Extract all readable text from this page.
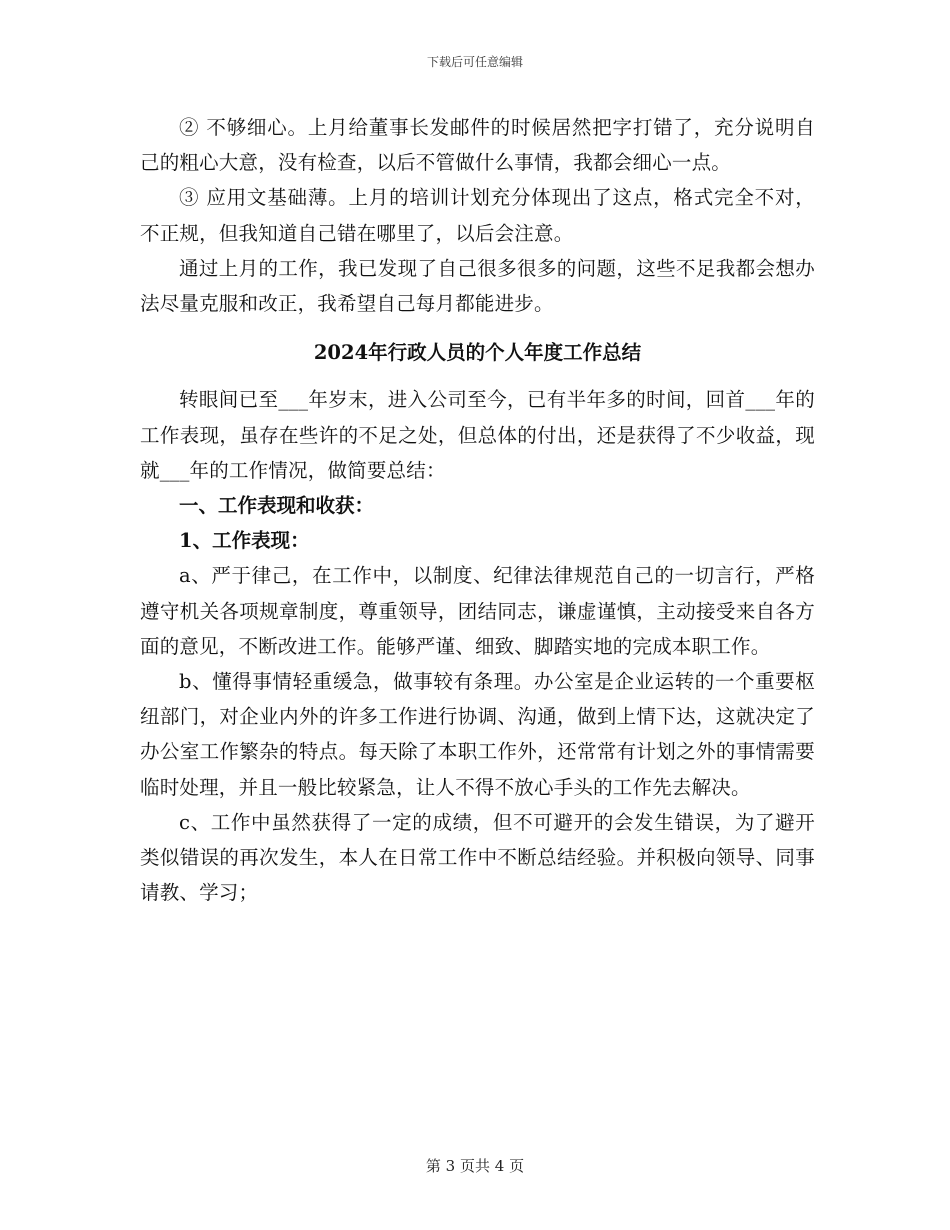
下载后可任意编辑

② 不够细心。上月给董事长发邮件的时候居然把字打错了，充分说明自己的粗心大意，没有检查，以后不管做什么事情，我都会细心一点。

③ 应用文基础薄。上月的培训计划充分体现出了这点，格式完全不对，不正规，但我知道自己错在哪里了，以后会注意。

通过上月的工作，我已发现了自己很多很多的问题，这些不足我都会想办法尽量克服和改正，我希望自己每月都能进步。

2024年行政人员的个人年度工作总结

转眼间已至___年岁末，进入公司至今，已有半年多的时间，回首___年的工作表现，虽存在些许的不足之处，但总体的付出，还是获得了不少收益，现就___年的工作情况，做简要总结：

一、工作表现和收获：

1、工作表现：

a、严于律己，在工作中，以制度、纪律法律规范自己的一切言行，严格遵守机关各项规章制度，尊重领导，团结同志，谦虚谨慎，主动接受来自各方面的意见，不断改进工作。能够严谨、细致、脚踏实地的完成本职工作。

b、懂得事情轻重缓急，做事较有条理。办公室是企业运转的一个重要枢纽部门，对企业内外的许多工作进行协调、沟通，做到上情下达，这就决定了办公室工作繁杂的特点。每天除了本职工作外，还常常有计划之外的事情需要临时处理，并且一般比较紧急，让人不得不放心手头的工作先去解决。

c、工作中虽然获得了一定的成绩，但不可避开的会发生错误，为了避开类似错误的再次发生，本人在日常工作中不断总结经验。并积极向领导、同事请教、学习；

第 3 页共 4 页
